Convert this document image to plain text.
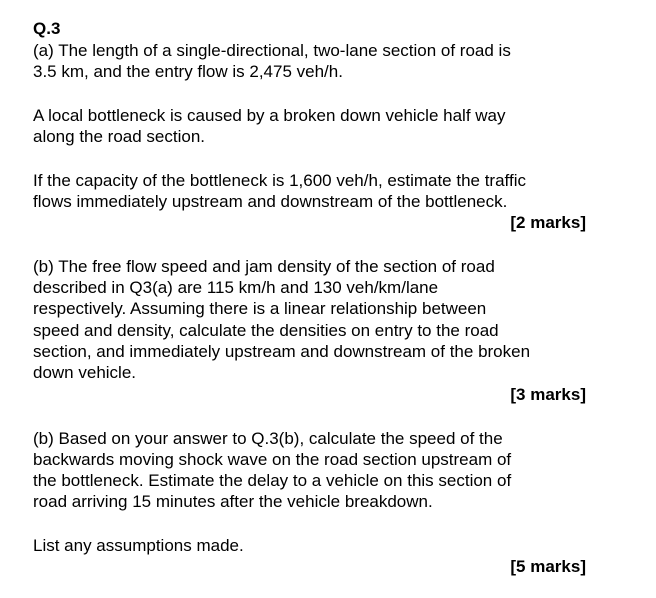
Q.3
(a) The length of a single-directional, two-lane section of road is
3.5 km, and the entry flow is 2,475 veh/h.
A local bottleneck is caused by a broken down vehicle half way
along the road section.
If the capacity of the bottleneck is 1,600 veh/h, estimate the traffic
flows immediately upstream and downstream of the bottleneck.
[2 marks]
(b) The free flow speed and jam density of the section of road
described in Q3(a) are 115 km/h and 130 veh/km/lane
respectively. Assuming there is a linear relationship between
speed and density, calculate the densities on entry to the road
section, and immediately upstream and downstream of the broken
down vehicle.
[3 marks]
(b) Based on your answer to Q.3(b), calculate the speed of the
backwards moving shock wave on the road section upstream of
the bottleneck. Estimate the delay to a vehicle on this section of
road arriving 15 minutes after the vehicle breakdown.
List any assumptions made.
[5 marks]
